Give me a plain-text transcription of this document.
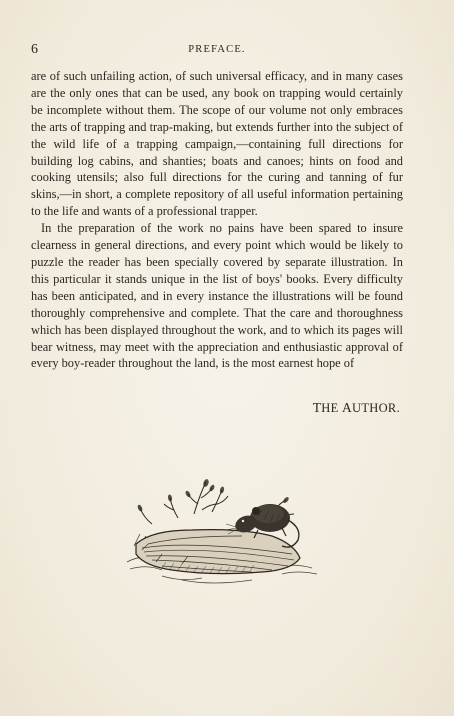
6	PREFACE.

are of such unfailing action, of such universal efficacy, and in many cases are the only ones that can be used, any book on trapping would certainly be incomplete without them. The scope of our volume not only embraces the arts of trapping and trap-making, but extends further into the subject of the wild life of a trapping campaign,—containing full directions for building log cabins, and shanties; boats and canoes; hints on food and cooking utensils; also full directions for the curing and tanning of fur skins,—in short, a complete repository of all useful information pertaining to the life and wants of a professional trapper.

In the preparation of the work no pains have been spared to insure clearness in general directions, and every point which would be likely to puzzle the reader has been specially covered by separate illustration. In this particular it stands unique in the list of boys' books. Every difficulty has been anticipated, and in every instance the illustrations will be found thoroughly comprehensive and complete. That the care and thoroughness which has been displayed throughout the work, and to which its pages will bear witness, may meet with the appreciation and enthusiastic approval of every boy-reader throughout the land, is the most earnest hope of

THE AUTHOR.
